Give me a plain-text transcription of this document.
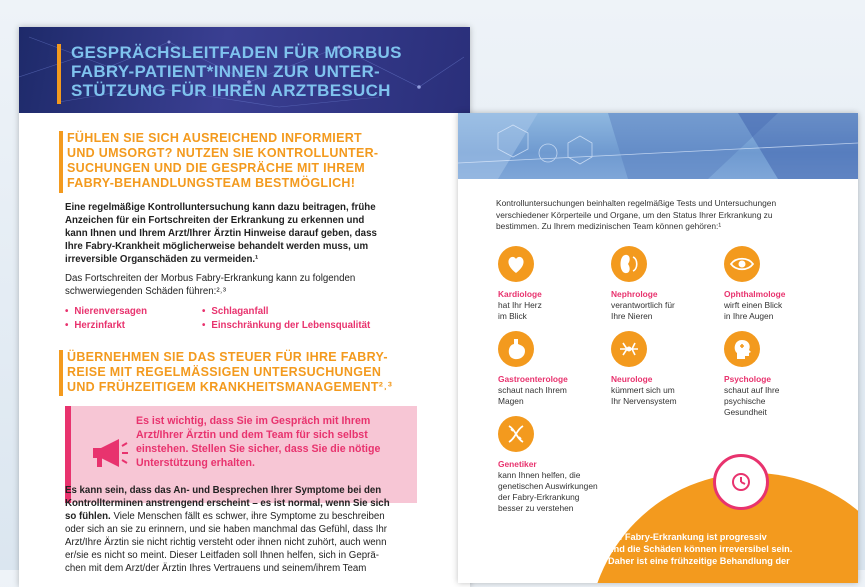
GESPRÄCHSLEITFADEN FÜR MORBUS
FABRY-PATIENT*INNEN ZUR UNTER-
STÜTZUNG FÜR IHREN ARZTBESUCH
FÜHLEN SIE SICH AUSREICHEND INFORMIERT
UND UMSORGT? NUTZEN SIE KONTROLLUNTER-
SUCHUNGEN UND DIE GESPRÄCHE MIT IHREM
FABRY-BEHANDLUNGSTEAM BESTMÖGLICH!
Eine regelmäßige Kontrolluntersuchung kann dazu beitragen, frühe
Anzeichen für ein Fortschreiten der Erkrankung zu erkennen und
kann Ihnen und Ihrem Arzt/Ihrer Ärztin Hinweise darauf geben, dass
Ihre Fabry-Krankheit möglicherweise behandelt werden muss, um
irreversible Organschäden zu vermeiden.¹
Das Fortschreiten der Morbus Fabry-Erkrankung kann zu folgenden
schwerwiegenden Schäden führen:²˒³
• Nierenversagen
• Herzinfarkt
• Schlaganfall
• Einschränkung der Lebensqualität
ÜBERNEHMEN SIE DAS STEUER FÜR IHRE FABRY-
REISE MIT REGELMÄSSIGEN UNTERSUCHUNGEN
UND FRÜHZEITIGEM KRANKHEITSMANAGEMENT²˒³
Es ist wichtig, dass Sie im Gespräch mit Ihrem
Arzt/Ihrer Ärztin und dem Team für sich selbst
einstehen. Stellen Sie sicher, dass Sie die nötige
Unterstützung erhalten.
Es kann sein, dass das An- und Besprechen Ihrer Symptome bei den
Kontrollterminen anstrengend erscheint – es ist normal, wenn Sie sich
so fühlen. Viele Menschen fällt es schwer, ihre Symptome zu beschreiben
oder sich an sie zu erinnern, und sie haben manchmal das Gefühl, dass Ihr
Arzt/Ihre Ärztin sie nicht richtig versteht oder ihnen nicht zuhört, auch wenn
er/sie es nicht so meint. Dieser Leitfaden soll Ihnen helfen, sich in Geprä-
chen mit dem Arzt/der Ärztin Ihres Vertrauens und seinem/ihrem Team
Kontrolluntersuchungen beinhalten regelmäßige Tests und Untersuchungen
verschiedener Körperteile und Organe, um den Status Ihrer Erkrankung zu
bestimmen. Zu Ihrem medizinischen Team können gehören:¹
Kardiologe
hat Ihr Herz
im Blick
Nephrologe
verantwortlich für
Ihre Nieren
Ophthalmologe
wirft einen Blick
in Ihre Augen
Gastroenterologe
schaut nach Ihrem
Magen
Neurologe
kümmert sich um
Ihr Nervensystem
Psychologe
schaut auf Ihre
psychische
Gesundheit
Genetiker
kann Ihnen helfen, die
genetischen Auswirkungen
der Fabry-Erkrankung
besser zu verstehen
Die Fabry-Erkrankung ist progressiv
und die Schäden können irreversibel sein.
Daher ist eine frühzeitige Behandlung der
